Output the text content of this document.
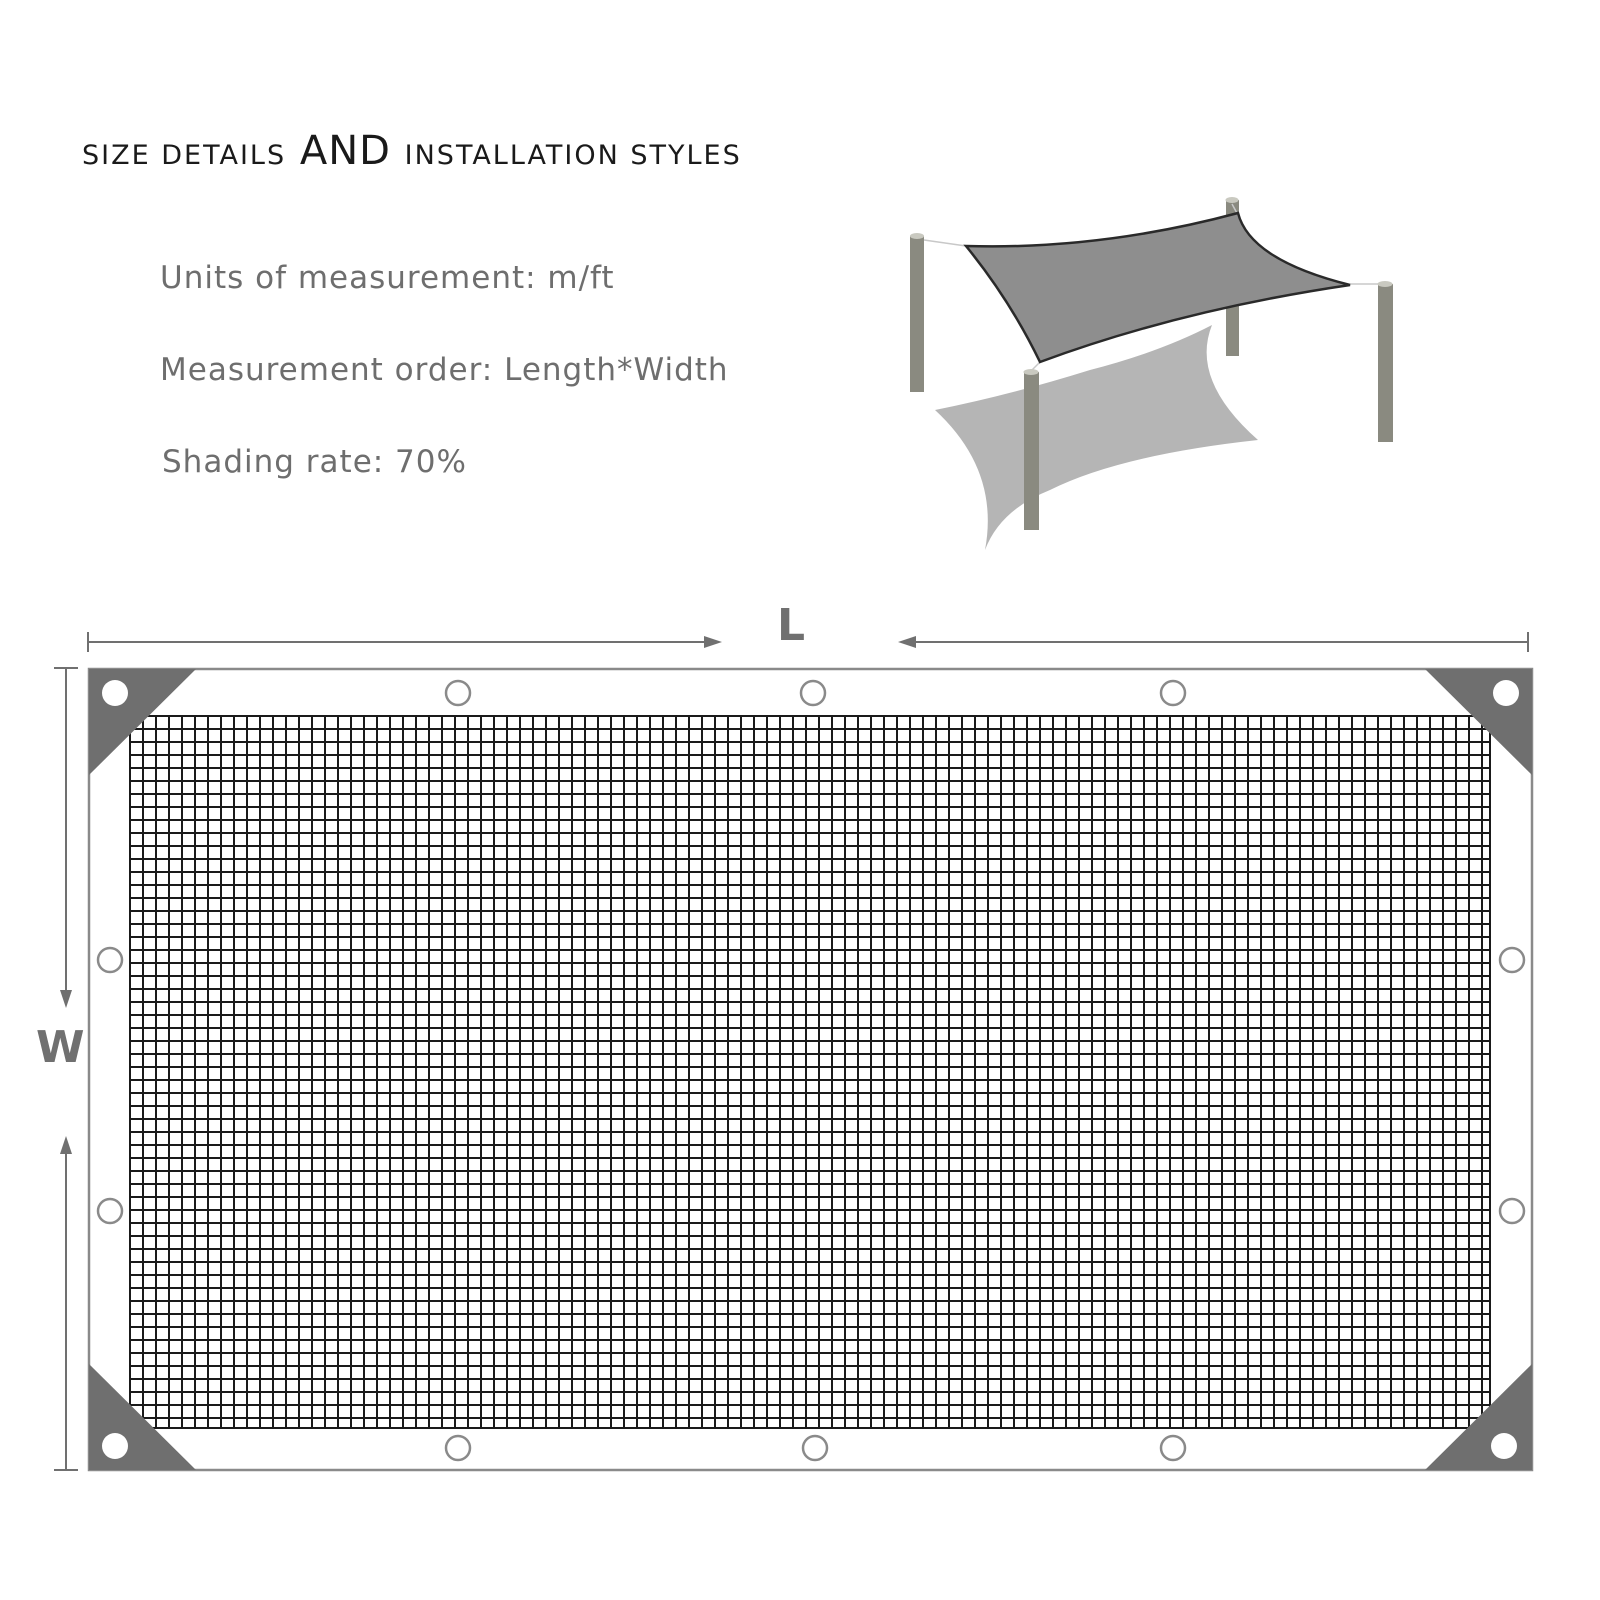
SIZE DETAILS AND INSTALLATION STYLES
Units of measurement: m/ft
Measurement order: Length*Width
Shading rate: 70%
L
W
